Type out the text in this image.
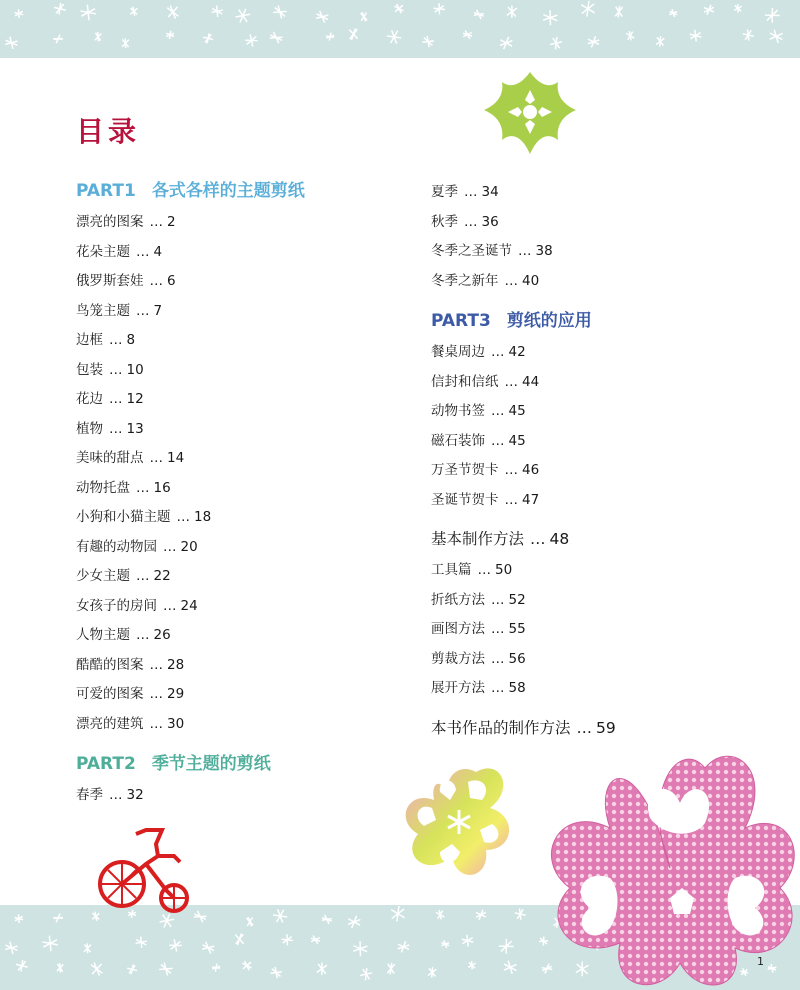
目录
PART1 各式各样的主题剪纸
漂亮的图案 … 2
花朵主题 … 4
俄罗斯套娃 … 6
鸟笼主题 … 7
边框 … 8
包装 … 10
花边 … 12
植物 … 13
美味的甜点 … 14
动物托盘 … 16
小狗和小猫主题 … 18
有趣的动物园 … 20
少女主题 … 22
女孩子的房间 … 24
人物主题 … 26
酷酷的图案 … 28
可爱的图案 … 29
漂亮的建筑 … 30
PART2 季节主题的剪纸
春季 … 32
夏季 … 34
秋季 … 36
冬季之圣诞节 … 38
冬季之新年 … 40
PART3 剪纸的应用
餐桌周边 … 42
信封和信纸 … 44
动物书签 … 45
磁石装饰 … 45
万圣节贺卡 … 46
圣诞节贺卡 … 47
基本制作方法 … 48
工具篇 … 50
折纸方法 … 52
画图方法 … 55
剪裁方法 … 56
展开方法 … 58
本书作品的制作方法 … 59
1
